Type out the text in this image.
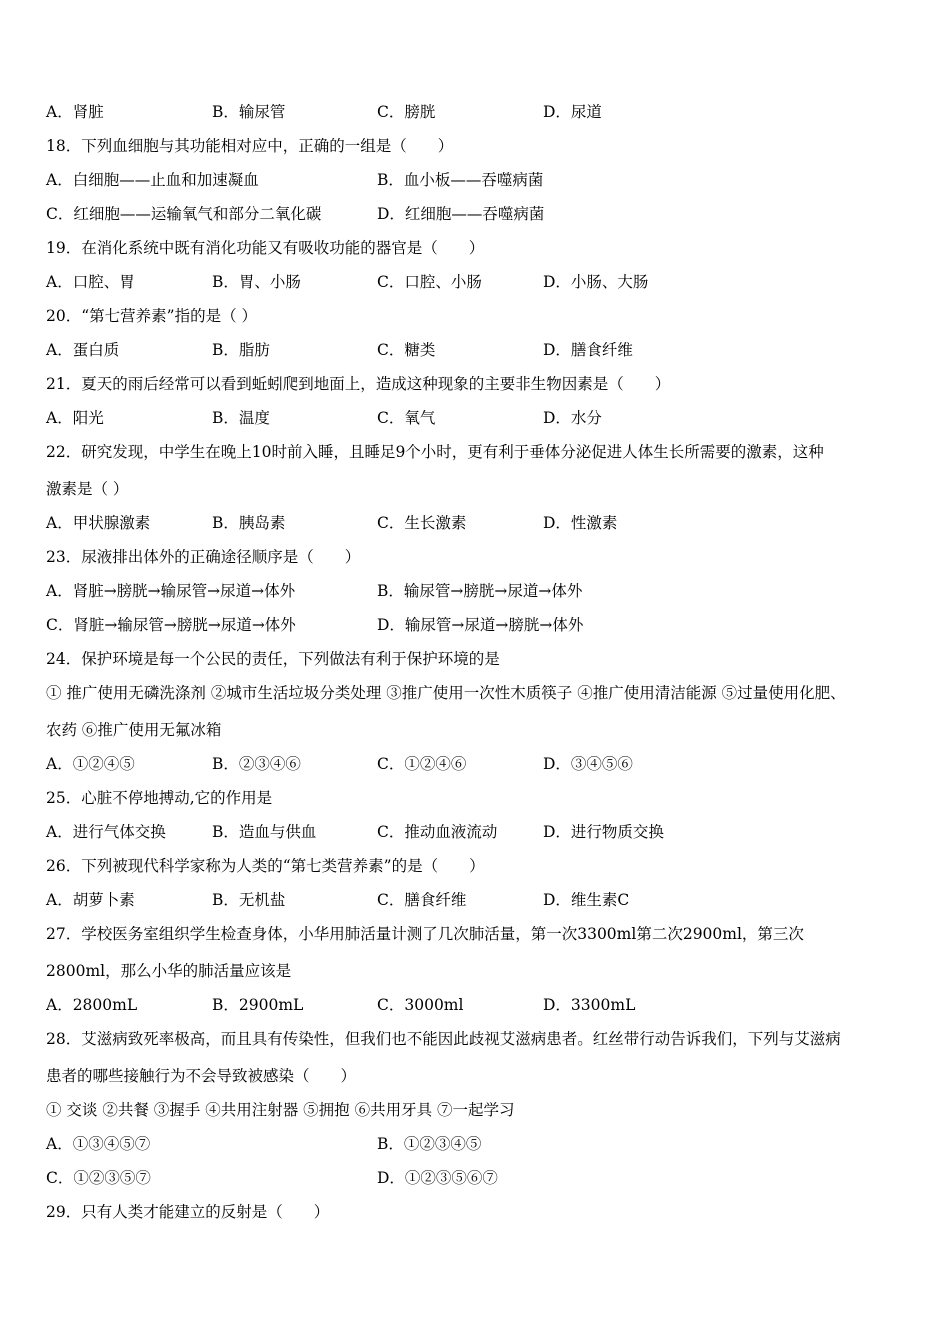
A．肾脏	B．输尿管	C．膀胱	D．尿道
18．下列血细胞与其功能相对应中，正确的一组是（　　）
A．白细胞——止血和加速凝血	B．血小板——吞噬病菌
C．红细胞——运输氧气和部分二氧化碳	D．红细胞——吞噬病菌
19．在消化系统中既有消化功能又有吸收功能的器官是（　　）
A．口腔、胃	B．胃、小肠	C．口腔、小肠	D．小肠、大肠
20．“第七营养素”指的是（ ）
A．蛋白质	B．脂肪	C．糖类	D．膳食纤维
21．夏天的雨后经常可以看到蚯蚓爬到地面上，造成这种现象的主要非生物因素是（　　）
A．阳光	B．温度	C．氧气	D．水分
22．研究发现，中学生在晚上10时前入睡，且睡足9个小时，更有利于垂体分泌促进人体生长所需要的激素，这种
激素是（ ）
A．甲状腺激素	B．胰岛素	C．生长激素	D．性激素
23．尿液排出体外的正确途径顺序是（　　）
A．肾脏→膀胱→输尿管→尿道→体外	B．输尿管→膀胱→尿道→体外
C．肾脏→输尿管→膀胱→尿道→体外	D．输尿管→尿道→膀胱→体外
24．保护环境是每一个公民的责任，下列做法有利于保护环境的是
① 推广使用无磷洗涤剂 ②城市生活垃圾分类处理 ③推广使用一次性木质筷子 ④推广使用清洁能源 ⑤过量使用化肥、
农药 ⑥推广使用无氟冰箱
A．①②④⑤	B．②③④⑥	C．①②④⑥	D．③④⑤⑥
25．心脏不停地搏动,它的作用是
A．进行气体交换	B．造血与供血	C．推动血液流动	D．进行物质交换
26．下列被现代科学家称为人类的“第七类营养素”的是（　　）
A．胡萝卜素	B．无机盐	C．膳食纤维	D．维生素C
27．学校医务室组织学生检查身体，小华用肺活量计测了几次肺活量，第一次3300ml第二次2900ml，第三次
2800ml，那么小华的肺活量应该是
A．2800mL	B．2900mL	C．3000ml	D．3300mL
28．艾滋病致死率极高，而且具有传染性，但我们也不能因此歧视艾滋病患者。红丝带行动告诉我们，下列与艾滋病
患者的哪些接触行为不会导致被感染（　　）
① 交谈 ②共餐 ③握手 ④共用注射器 ⑤拥抱 ⑥共用牙具 ⑦一起学习
A．①③④⑤⑦	B．①②③④⑤
C．①②③⑤⑦	D．①②③⑤⑥⑦
29．只有人类才能建立的反射是（　　）
